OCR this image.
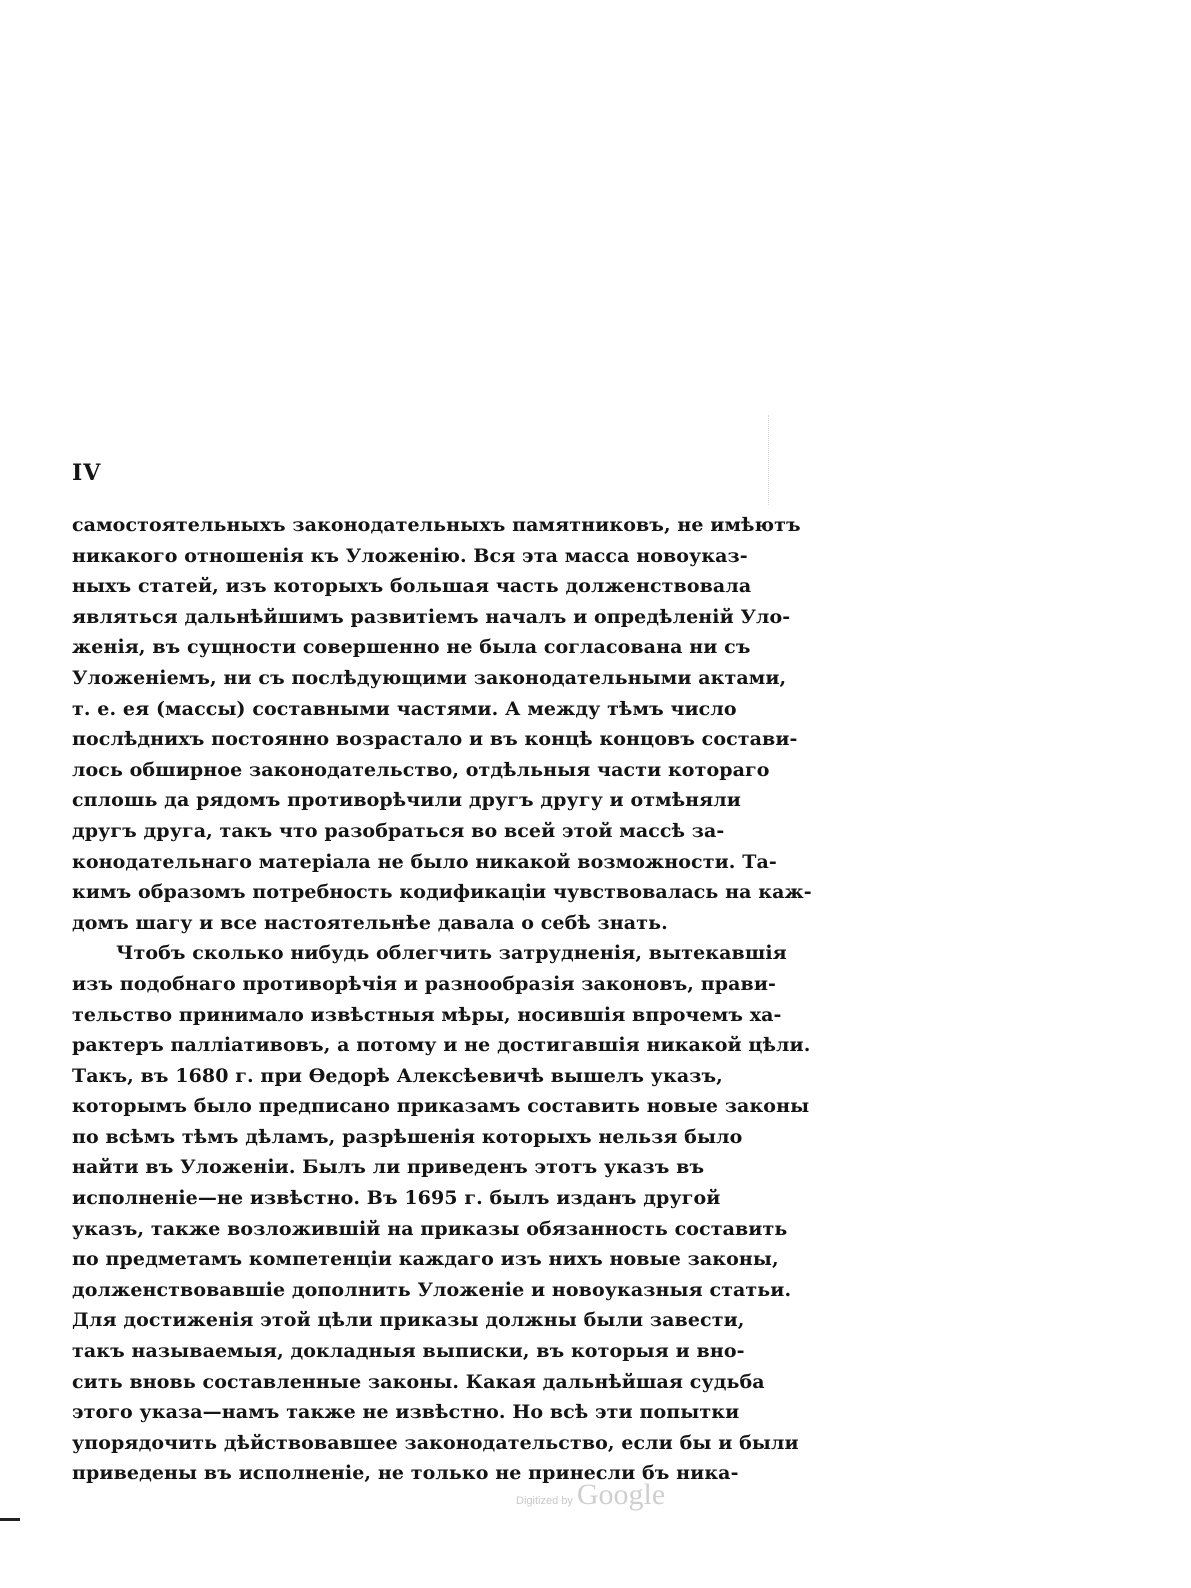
IV
самостоятельныхъ законодательныхъ памятниковъ, не имѣютъ
никакого отношенія къ Уложенію. Вся эта масса новоуказ-
ныхъ статей, изъ которыхъ большая часть долженствовала
являться дальнѣйшимъ развитіемъ началъ и опредѣленій Уло-
женія, въ сущности совершенно не была согласована ни съ
Уложеніемъ, ни съ послѣдующими законодательными актами,
т. е. ея (массы) составными частями. А между тѣмъ число
послѣднихъ постоянно возрастало и въ концѣ концовъ состави-
лось обширное законодательство, отдѣльныя части котораго
сплошь да рядомъ противорѣчили другъ другу и отмѣняли
другъ друга, такъ что разобраться во всей этой массѣ за-
конодательнаго матеріала не было никакой возможности. Та-
кимъ образомъ потребность кодификаціи чувствовалась на каж-
домъ шагу и все настоятельнѣе давала о себѣ знать.
Чтобъ сколько нибудь облегчить затрудненія, вытекавшія
изъ подобнаго противорѣчія и разнообразія законовъ, прави-
тельство принимало извѣстныя мѣры, носившія впрочемъ ха-
рактеръ палліативовъ, а потому и не достигавшія никакой цѣли.
Такъ, въ 1680 г. при Ѳедорѣ Алексѣевичѣ вышелъ указъ,
которымъ было предписано приказамъ составить новые законы
по всѣмъ тѣмъ дѣламъ, разрѣшенія которыхъ нельзя было
найти въ Уложеніи. Былъ ли приведенъ этотъ указъ въ
исполненіе—не извѣстно. Въ 1695 г. былъ изданъ другой
указъ, также возложившій на приказы обязанность составить
по предметамъ компетенціи каждаго изъ нихъ новые законы,
долженствовавшіе дополнить Уложеніе и новоуказныя статьи.
Для достиженія этой цѣли приказы должны были завести,
такъ называемыя, докладныя выписки, въ которыя и вно-
сить вновь составленные законы. Какая дальнѣйшая судьба
этого указа—намъ также не извѣстно. Но всѣ эти попытки
упорядочить дѣйствовавшее законодательство, если бы и были
приведены въ исполненіе, не только не принесли бъ ника-
Digitized by Google
